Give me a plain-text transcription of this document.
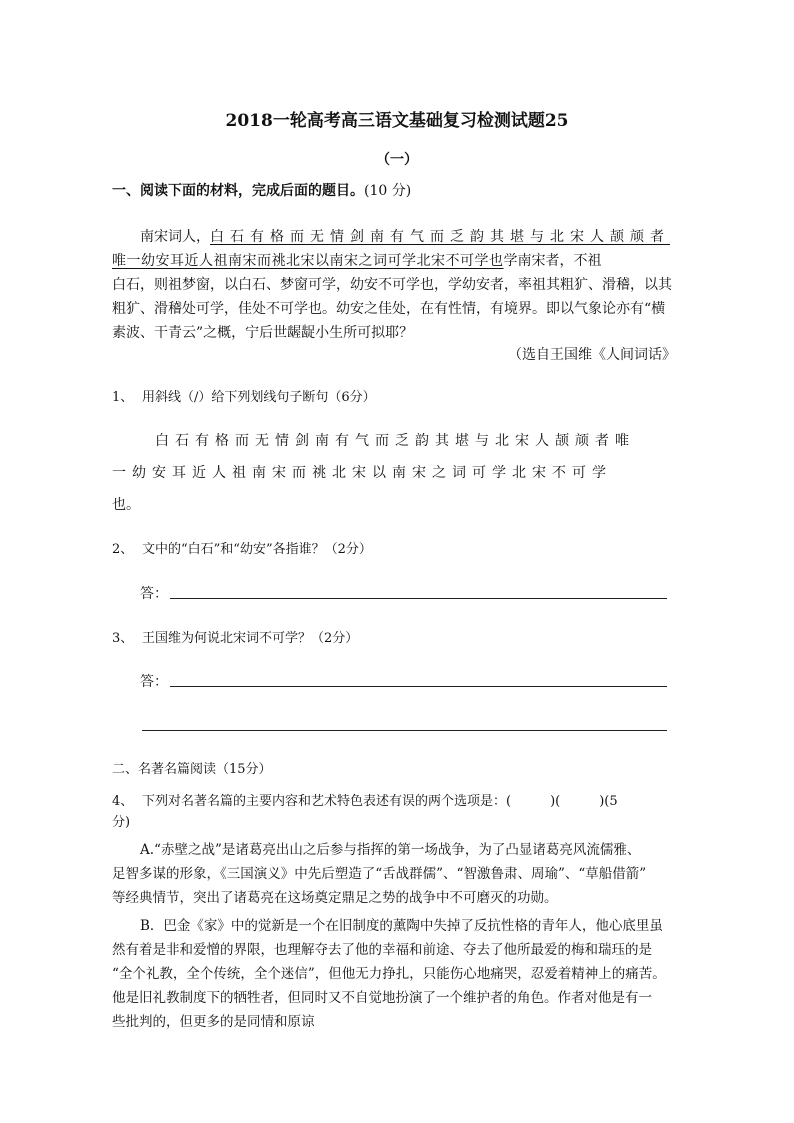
2018一轮高考高三语文基础复习检测试题25
（一）
一、阅读下面的材料，完成后面的题目。(10 分)
南宋词人，白石有格而无情剑南有气而乏韵其堪与北宋人颉颃者
唯一幼安耳近人祖南宋而祧北宋以南宋之词可学北宋不可学也学南宋者，不祖
白石，则祖梦窗，以白石、梦窗可学，幼安不可学也，学幼安者，率祖其粗犷、滑稽，以其
粗犷、滑稽处可学，佳处不可学也。幼安之佳处，在有性情，有境界。即以气象论亦有“横
素波、干青云”之概，宁后世龌龊小生所可拟耶？
（选自王国维《人间词话》
1、 用斜线（/）给下列划线句子断句（6分）
白石有格而无情剑南有气而乏韵其堪与北宋人颉颃者唯
一幼安耳近人祖南宋而祧北宋以南宋之词可学北宋不可学
也。
2、 文中的“白石”和“幼安”各指谁？（2分）
答：
3、 王国维为何说北宋词不可学？（2分）
答：
二、名著名篇阅读（15分）
4、 下列对名著名篇的主要内容和艺术特色表述有误的两个选项是：(　　　)(　　　)(5
分)
A.“赤壁之战”是诸葛亮出山之后参与指挥的第一场战争，为了凸显诸葛亮风流儒雅、
足智多谋的形象，《三国演义》中先后塑造了“舌战群儒”、“智激鲁肃、周瑜”、“草船借箭”
等经典情节，突出了诸葛亮在这场奠定鼎足之势的战争中不可磨灭的功勋。
B．巴金《家》中的觉新是一个在旧制度的薰陶中失掉了反抗性格的青年人，他心底里虽
然有着是非和爱憎的界限，也理解夺去了他的幸福和前途、夺去了他所最爱的梅和瑞珏的是
“全个礼教，全个传统，全个迷信”，但他无力挣扎，只能伤心地痛哭，忍爱着精神上的痛苦。
他是旧礼教制度下的牺牲者，但同时又不自觉地扮演了一个维护者的角色。作者对他是有一
些批判的，但更多的是同情和原谅
